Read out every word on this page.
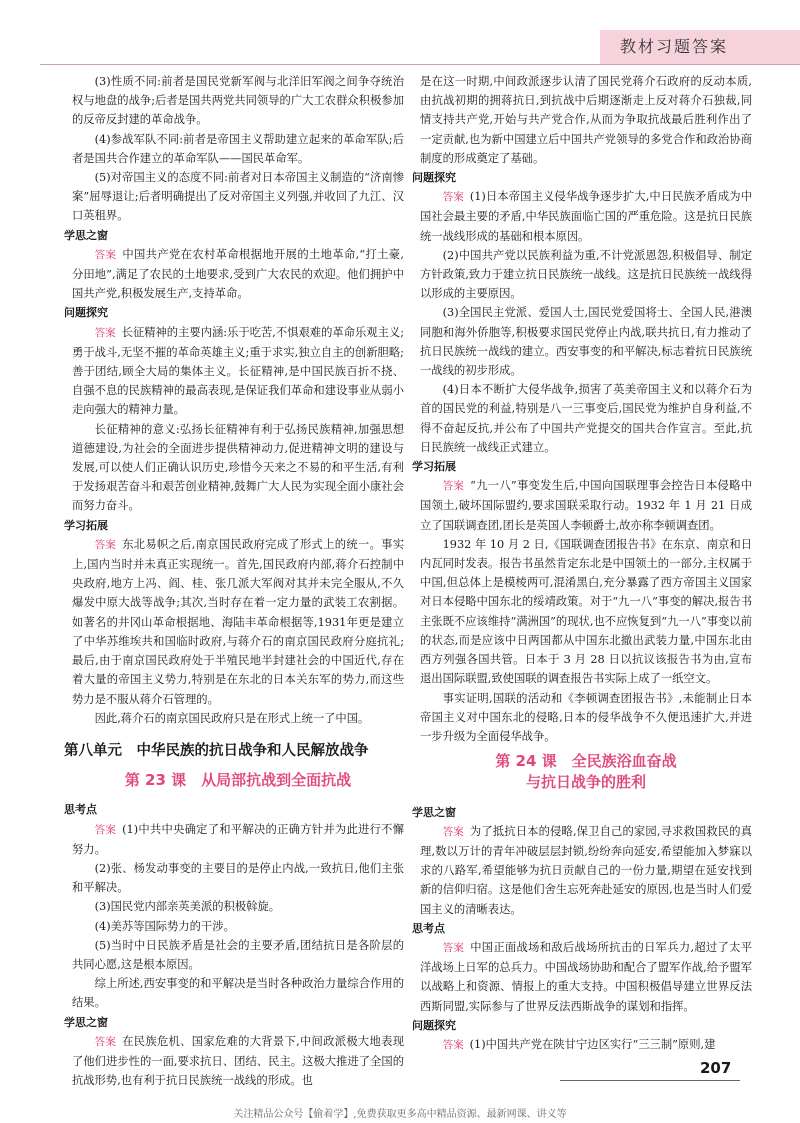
教材习题答案

(3)性质不同:前者是国民党新军阀与北洋旧军阀之间争夺统治权与地盘的战争;后者是国共两党共同领导的广大工农群众积极参加的反帝反封建的革命战争。

(4)参战军队不同:前者是帝国主义帮助建立起来的革命军队;后者是国共合作建立的革命军队——国民革命军。

(5)对帝国主义的态度不同:前者对日本帝国主义制造的“济南惨案”屈辱退让;后者明确提出了反对帝国主义列强,并收回了九江、汉口英租界。

学思之窗

答案 中国共产党在农村革命根据地开展的土地革命,“打土豪,分田地”,满足了农民的土地要求,受到广大农民的欢迎。他们拥护中国共产党,积极发展生产,支持革命。

问题探究

答案 长征精神的主要内涵:乐于吃苦,不惧艰难的革命乐观主义;勇于战斗,无坚不摧的革命英雄主义;重于求实,独立自主的创新胆略;善于团结,顾全大局的集体主义。长征精神,是中国民族百折不挠、自强不息的民族精神的最高表现,是保证我们革命和建设事业从弱小走向强大的精神力量。

长征精神的意义:弘扬长征精神有利于弘扬民族精神,加强思想道德建设,为社会的全面进步提供精神动力,促进精神文明的建设与发展,可以使人们正确认识历史,珍惜今天来之不易的和平生活,有利于发扬艰苦奋斗和艰苦创业精神,鼓舞广大人民为实现全面小康社会而努力奋斗。

学习拓展

答案 东北易帜之后,南京国民政府完成了形式上的统一。事实上,国内当时并未真正实现统一。首先,国民政府内部,蒋介石控制中央政府,地方上冯、阎、桂、张几派大军阀对其并未完全服从,不久爆发中原大战等战争;其次,当时存在着一定力量的武装工农割据。如著名的井冈山革命根据地、海陆丰革命根据等,1931年更是建立了中华苏维埃共和国临时政府,与蒋介石的南京国民政府分庭抗礼;最后,由于南京国民政府处于半殖民地半封建社会的中国近代,存在着大量的帝国主义势力,特别是在东北的日本关东军的势力,而这些势力是不服从蒋介石管理的。

因此,蒋介石的南京国民政府只是在形式上统一了中国。

第八单元　中华民族的抗日战争和人民解放战争
第 23 课　从局部抗战到全面抗战

思考点

答案 (1)中共中央确定了和平解决的正确方针并为此进行不懈努力。

(2)张、杨发动事变的主要目的是停止内战,一致抗日,他们主张和平解决。

(3)国民党内部亲英美派的积极斡旋。

(4)美苏等国际势力的干涉。

(5)当时中日民族矛盾是社会的主要矛盾,团结抗日是各阶层的共同心愿,这是根本原因。

综上所述,西安事变的和平解决是当时各种政治力量综合作用的结果。

学思之窗

答案 在民族危机、国家危难的大背景下,中间政派极大地表现了他们进步性的一面,要求抗日、团结、民主。这极大推进了全国的抗战形势,也有利于抗日民族统一战线的形成。也

是在这一时期,中间政派逐步认清了国民党蒋介石政府的反动本质,由抗战初期的拥蒋抗日,到抗战中后期逐渐走上反对蒋介石独裁,同情支持共产党,开始与共产党合作,从而为争取抗战最后胜利作出了一定贡献,也为新中国建立后中国共产党领导的多党合作和政治协商制度的形成奠定了基础。

问题探究

答案 (1)日本帝国主义侵华战争逐步扩大,中日民族矛盾成为中国社会最主要的矛盾,中华民族面临亡国的严重危险。这是抗日民族统一战线形成的基础和根本原因。

(2)中国共产党以民族利益为重,不计党派恩怨,积极倡导、制定方针政策,致力于建立抗日民族统一战线。这是抗日民族统一战线得以形成的主要原因。

(3)全国民主党派、爱国人士,国民党爱国将士、全国人民,港澳同胞和海外侨胞等,积极要求国民党停止内战,联共抗日,有力推动了抗日民族统一战线的建立。西安事变的和平解决,标志着抗日民族统一战线的初步形成。

(4)日本不断扩大侵华战争,损害了英美帝国主义和以蒋介石为首的国民党的利益,特别是八一三事变后,国民党为维护自身利益,不得不奋起反抗,并公布了中国共产党提交的国共合作宣言。至此,抗日民族统一战线正式建立。

学习拓展

答案 “九一八”事变发生后,中国向国联理事会控告日本侵略中国领土,破坏国际盟约,要求国联采取行动。1932 年 1 月 21 日成立了国联调查团,团长是英国人李顿爵士,故亦称李顿调查团。

1932 年 10 月 2 日,《国联调查团报告书》在东京、南京和日内瓦同时发表。报告书虽然肯定东北是中国领土的一部分,主权属于中国,但总体上是模棱两可,混淆黑白,充分暴露了西方帝国主义国家对日本侵略中国东北的绥靖政策。对于“九一八”事变的解决,报告书主张既不应该维持“满洲国”的现状,也不应恢复到“九一八”事变以前的状态,而是应该中日两国都从中国东北撤出武装力量,中国东北由西方列强各国共管。日本于 3 月 28 日以抗议该报告书为由,宣布退出国际联盟,致使国联的调查报告书实际上成了一纸空文。

事实证明,国联的活动和《李顿调查团报告书》,未能制止日本帝国主义对中国东北的侵略,日本的侵华战争不久便迅速扩大,并进一步升级为全面侵华战争。

第 24 课　全民族浴血奋战
与抗日战争的胜利

学思之窗

答案 为了抵抗日本的侵略,保卫自己的家园,寻求救国救民的真理,数以万计的青年冲破层层封锁,纷纷奔向延安,希望能加入梦寐以求的八路军,希望能够为抗日贡献自己的一份力量,期望在延安找到新的信仰归宿。这是他们舍生忘死奔赴延安的原因,也是当时人们爱国主义的清晰表达。

思考点

答案 中国正面战场和敌后战场所抗击的日军兵力,超过了太平洋战场上日军的总兵力。中国战场协助和配合了盟军作战,给予盟军以战略上和资源、情报上的重大支持。中国积极倡导建立世界反法西斯同盟,实际参与了世界反法西斯战争的谋划和指挥。

问题探究

答案 (1)中国共产党在陕甘宁边区实行“三三制”原则,建

207
关注精品公众号【偷着学】,免费获取更多高中精品资源、最新网课、讲义等
